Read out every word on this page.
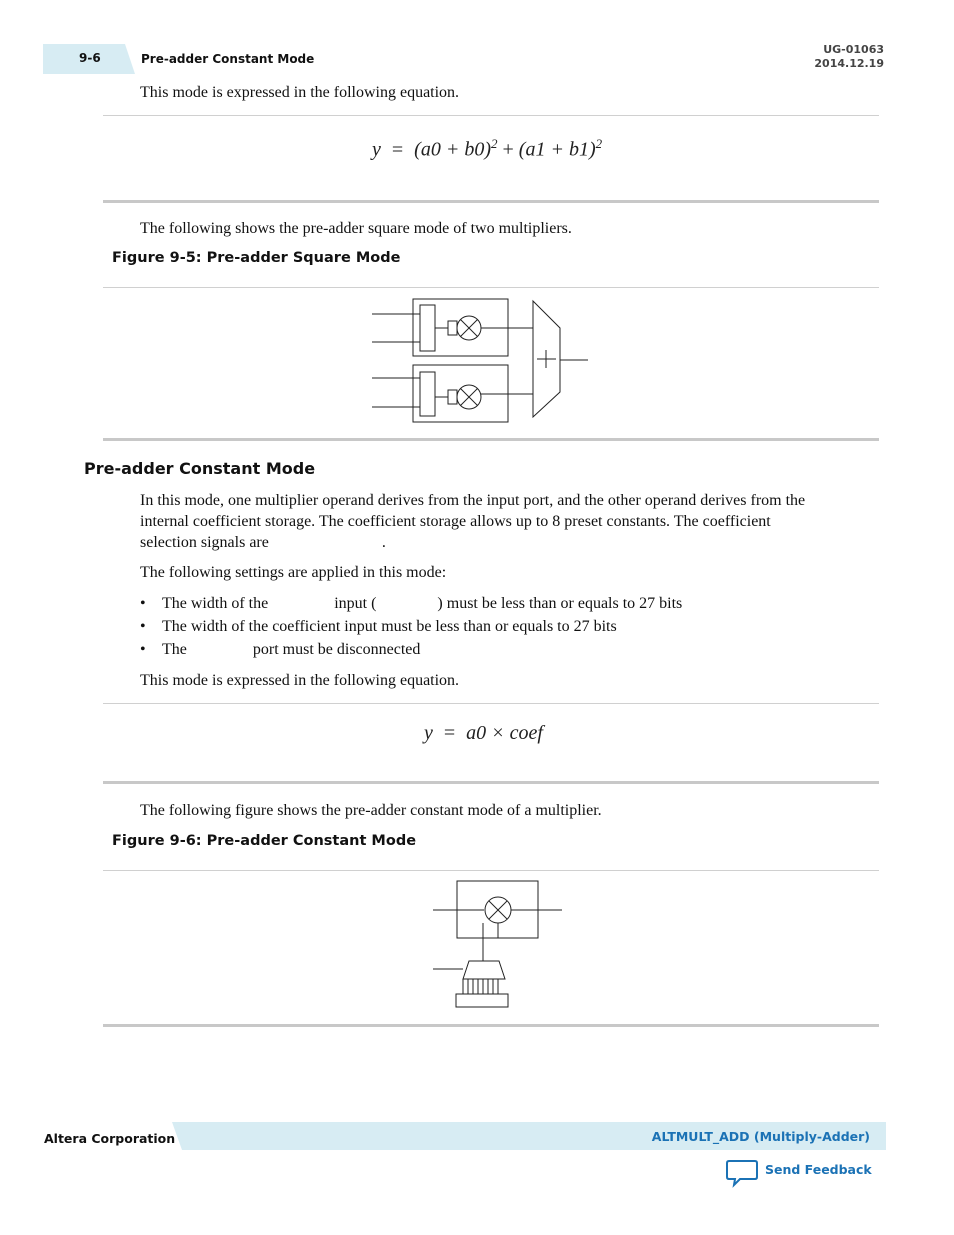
9-6	Pre-adder Constant Mode
UG-01063
2014.12.19
This mode is expressed in the following equation.
$y = (a0 + b0)^2 + (a1 + b1)^2$
The following shows the pre-adder square mode of two multipliers.
Figure 9-5: Pre-adder Square Mode
Pre-adder Constant Mode
In this mode, one multiplier operand derives from the input port, and the other operand derives from the
internal coefficient storage. The coefficient storage allows up to 8 preset constants. The coefficient
selection signals are	.
The following settings are applied in this mode:
• The width of the	input (	) must be less than or equals to 27 bits
• The width of the coefficient input must be less than or equals to 27 bits
• The	port must be disconnected
This mode is expressed in the following equation.
y = a0 × coef
The following figure shows the pre-adder constant mode of a multiplier.
Figure 9-6: Pre-adder Constant Mode
Altera Corporation	ALTMULT_ADD (Multiply-Adder)
Send Feedback
